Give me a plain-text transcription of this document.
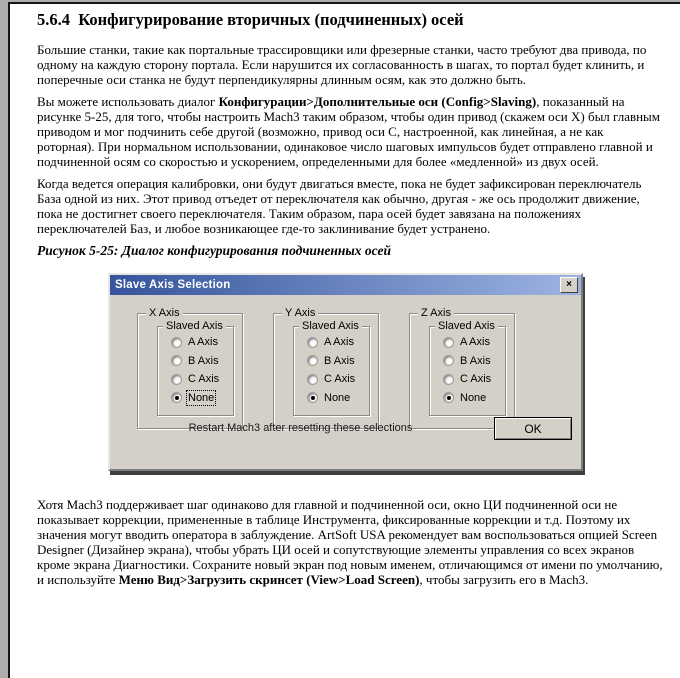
5.6.4  Конфигурирование вторичных (подчиненных) осей

Большие станки, такие как портальные трассировщики или фрезерные станки, часто требуют два привода, по одному на каждую сторону портала. Если нарушится их согласованность в шагах, то портал будет клинить, и поперечные оси станка не будут перпендикулярны длинным осям, как это должно быть.

Вы можете использовать диалог Конфигурации>Дополнительные оси (Config>Slaving), показанный на рисунке 5-25, для того, чтобы настроить Mach3 таким образом, чтобы один привод (скажем оси X) был главным приводом и мог подчинить себе другой (возможно, привод оси C, настроенной, как линейная, а не как роторная). При нормальном использовании, одинаковое число шаговых импульсов будет отправлено главной и подчиненной осям со скоростью и ускорением, определенными для более «медленной» из двух осей.

Когда ведется операция калибровки, они будут двигаться вместе, пока не будет зафиксирован переключатель База одной из них. Этот привод отъедет от переключателя как обычно, другая - же ось продолжит движение, пока не достигнет своего переключателя. Таким образом, пара осей будет завязана на положениях переключателей Баз, и любое возникающее где-то заклинивание будет устранено.

Рисунок 5-25: Диалог конфигурирования подчиненных осей

Slave Axis Selection	×
X Axis
Slaved Axis
A Axis
B Axis
C Axis
None
Y Axis
Slaved Axis
A Axis
B Axis
C Axis
None
Z Axis
Slaved Axis
A Axis
B Axis
C Axis
None
Restart Mach3 after resetting these selections	OK

Хотя Mach3 поддерживает шаг одинаково для главной и подчиненной оси, окно ЦИ подчиненной оси не показывает коррекции, примененные в таблице Инструмента, фиксированные коррекции и т.д. Поэтому их значения могут вводить оператора в заблуждение. ArtSoft USA рекомендует вам воспользоваться опцией Screen Designer (Дизайнер экрана), чтобы убрать ЦИ осей и сопутствующие элементы управления со всех экранов кроме экрана Диагностики. Сохраните новый экран под новым именем, отличающимся от имени по умолчанию, и используйте Меню Вид>Загрузить скринсет (View>Load Screen), чтобы загрузить его в Mach3.
